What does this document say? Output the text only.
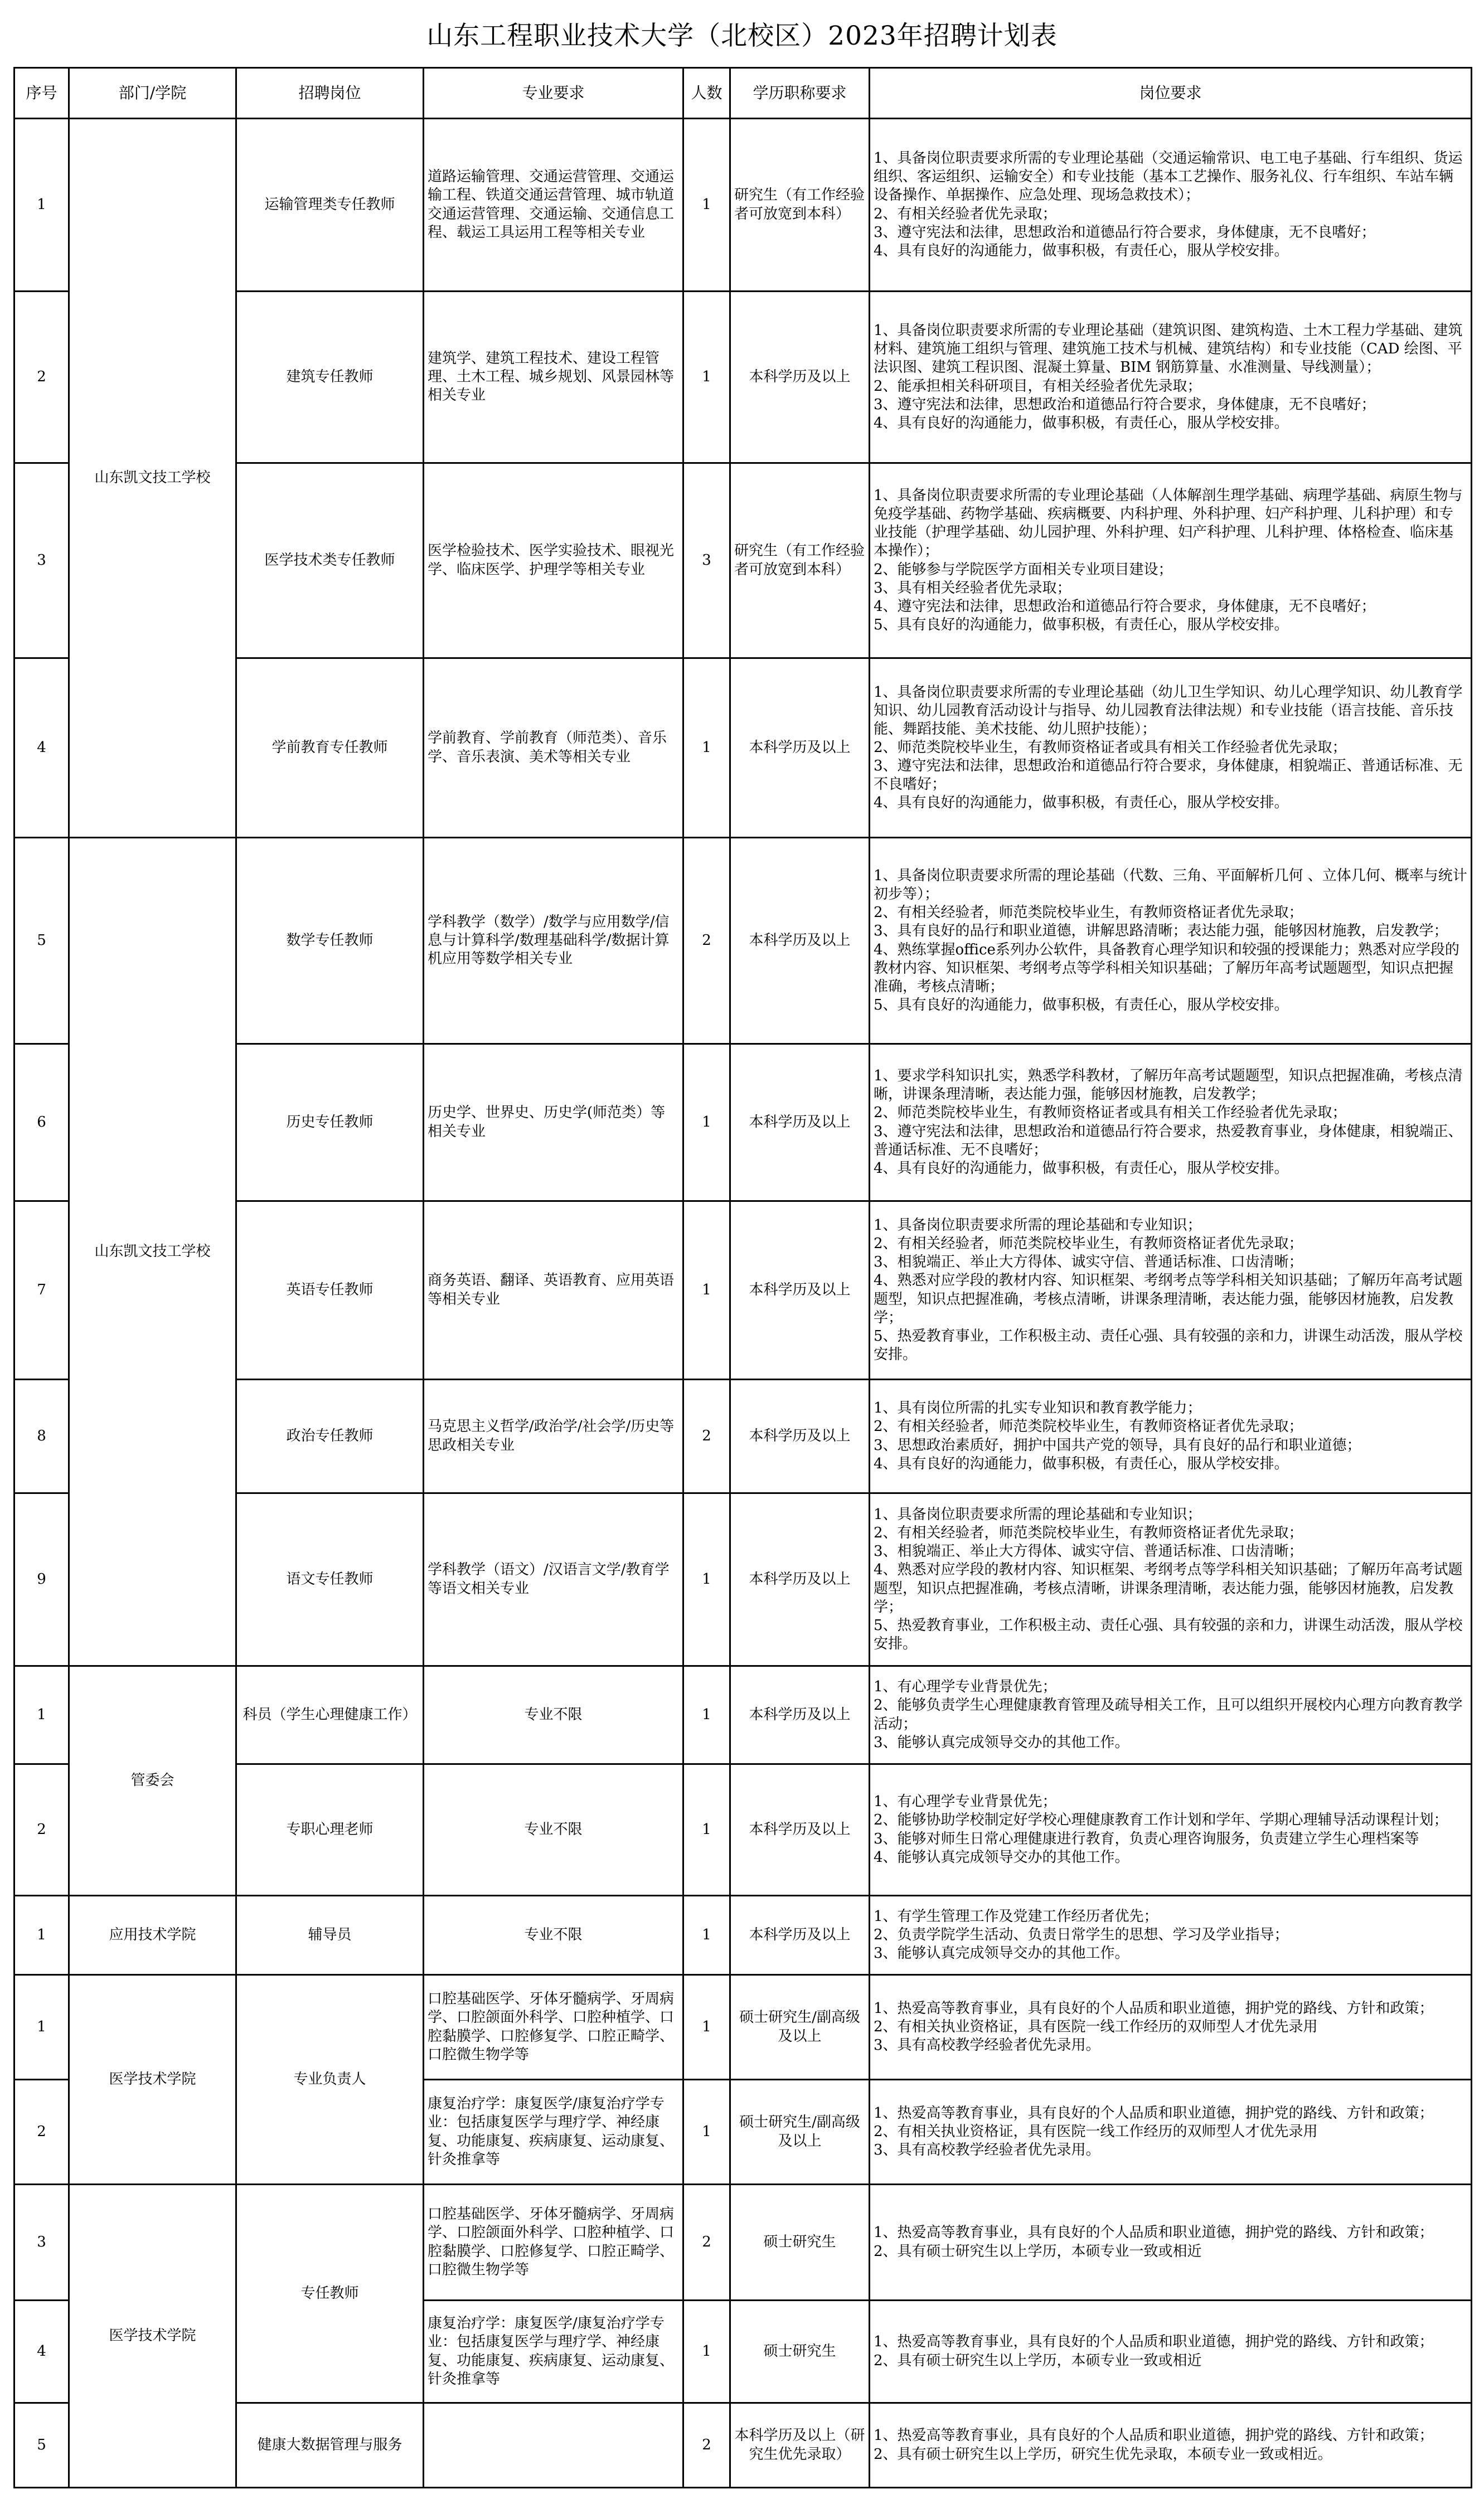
山东工程职业技术大学（北校区）2023年招聘计划表
序号	部门/学院	招聘岗位	专业要求	人数	学历职称要求	岗位要求
1	山东凯文技工学校	运输管理类专任教师	道路运输管理、交通运营管理、交通运输工程、铁道交通运营管理、城市轨道交通运营管理、交通运输、交通信息工程、载运工具运用工程等相关专业	1	研究生（有工作经验者可放宽到本科）	1、具备岗位职责要求所需的专业理论基础（交通运输常识、电工电子基础、行车组织、货运组织、客运组织、运输安全）和专业技能（基本工艺操作、服务礼仪、行车组织、车站车辆设备操作、单据操作、应急处理、现场急救技术）；
2、有相关经验者优先录取；
3、遵守宪法和法律，思想政治和道德品行符合要求，身体健康，无不良嗜好；
4、具有良好的沟通能力，做事积极，有责任心，服从学校安排。

2		建筑专任教师	建筑学、建筑工程技术、建设工程管理、土木工程、城乡规划、风景园林等相关专业	1	本科学历及以上	1、具备岗位职责要求所需的专业理论基础（建筑识图、建筑构造、土木工程力学基础、建筑材料、建筑施工组织与管理、建筑施工技术与机械、建筑结构）和专业技能（CAD 绘图、平法识图、建筑工程识图、混凝土算量、BIM 钢筋算量、水准测量、导线测量）；
2、能承担相关科研项目，有相关经验者优先录取；
3、遵守宪法和法律，思想政治和道德品行符合要求，身体健康，无不良嗜好；
4、具有良好的沟通能力，做事积极，有责任心，服从学校安排。

3		医学技术类专任教师	医学检验技术、医学实验技术、眼视光学、临床医学、护理学等相关专业	3	研究生（有工作经验者可放宽到本科）	1、具备岗位职责要求所需的专业理论基础（人体解剖生理学基础、病理学基础、病原生物与免疫学基础、药物学基础、疾病概要、内科护理、外科护理、妇产科护理、儿科护理）和专业技能（护理学基础、幼儿园护理、外科护理、妇产科护理、儿科护理、体格检查、临床基本操作）；
2、能够参与学院医学方面相关专业项目建设；
3、具有相关经验者优先录取；
4、遵守宪法和法律，思想政治和道德品行符合要求，身体健康，无不良嗜好；
5、具有良好的沟通能力，做事积极，有责任心，服从学校安排。

4		学前教育专任教师	学前教育、学前教育（师范类）、音乐学、音乐表演、美术等相关专业	1	本科学历及以上	1、具备岗位职责要求所需的专业理论基础（幼儿卫生学知识、幼儿心理学知识、幼儿教育学知识、幼儿园教育活动设计与指导、幼儿园教育法律法规）和专业技能（语言技能、音乐技能、舞蹈技能、美术技能、幼儿照护技能）；
2、师范类院校毕业生，有教师资格证者或具有相关工作经验者优先录取；
3、遵守宪法和法律，思想政治和道德品行符合要求，身体健康，相貌端正、普通话标准、无不良嗜好；
4、具有良好的沟通能力，做事积极，有责任心，服从学校安排。

5	山东凯文技工学校	数学专任教师	学科教学（数学）/数学与应用数学/信息与计算科学/数理基础科学/数据计算机应用等数学相关专业	2	本科学历及以上	1、具备岗位职责要求所需的理论基础（代数、三角、平面解析几何 、立体几何、概率与统计初步等）；
2、有相关经验者，师范类院校毕业生，有教师资格证者优先录取；
3、具有良好的品行和职业道德，讲解思路清晰；表达能力强，能够因材施教，启发教学；
4、熟练掌握office系列办公软件，具备教育心理学知识和较强的授课能力；熟悉对应学段的教材内容、知识框架、考纲考点等学科相关知识基础；了解历年高考试题题型，知识点把握准确，考核点清晰；
5、具有良好的沟通能力，做事积极，有责任心，服从学校安排。

6		历史专任教师	历史学、世界史、历史学(师范类）等相关专业	1	本科学历及以上	1、要求学科知识扎实，熟悉学科教材，了解历年高考试题题型，知识点把握准确，考核点清晰，讲课条理清晰，表达能力强，能够因材施教，启发教学；
2、师范类院校毕业生，有教师资格证者或具有相关工作经验者优先录取；
3、遵守宪法和法律，思想政治和道德品行符合要求，热爱教育事业，身体健康，相貌端正、普通话标准、无不良嗜好；
4、具有良好的沟通能力，做事积极，有责任心，服从学校安排。

7		英语专任教师	商务英语、翻译、英语教育、应用英语等相关专业	1	本科学历及以上	1、具备岗位职责要求所需的理论基础和专业知识；
2、有相关经验者，师范类院校毕业生，有教师资格证者优先录取；
3、相貌端正、举止大方得体、诚实守信、普通话标准、口齿清晰；
4、熟悉对应学段的教材内容、知识框架、考纲考点等学科相关知识基础；了解历年高考试题题型，知识点把握准确，考核点清晰，讲课条理清晰，表达能力强，能够因材施教，启发教学；
5、热爱教育事业，工作积极主动、责任心强、具有较强的亲和力，讲课生动活泼，服从学校安排。

8		政治专任教师	马克思主义哲学/政治学/社会学/历史等思政相关专业	2	本科学历及以上	1、具有岗位所需的扎实专业知识和教育教学能力；
2、有相关经验者，师范类院校毕业生，有教师资格证者优先录取；
3、思想政治素质好，拥护中国共产党的领导，具有良好的品行和职业道德；
4、具有良好的沟通能力，做事积极，有责任心，服从学校安排。

9		语文专任教师	学科教学（语文）/汉语言文学/教育学等语文相关专业	1	本科学历及以上	1、具备岗位职责要求所需的理论基础和专业知识；
2、有相关经验者，师范类院校毕业生，有教师资格证者优先录取；
3、相貌端正、举止大方得体、诚实守信、普通话标准、口齿清晰；
4、熟悉对应学段的教材内容、知识框架、考纲考点等学科相关知识基础；了解历年高考试题题型，知识点把握准确，考核点清晰，讲课条理清晰，表达能力强，能够因材施教，启发教学；
5、热爱教育事业，工作积极主动、责任心强、具有较强的亲和力，讲课生动活泼，服从学校安排。

1	管委会	科员（学生心理健康工作）	专业不限	1	本科学历及以上	1、有心理学专业背景优先；
2、能够负责学生心理健康教育管理及疏导相关工作，且可以组织开展校内心理方向教育教学活动；
3、能够认真完成领导交办的其他工作。

2		专职心理老师	专业不限	1	本科学历及以上	1、有心理学专业背景优先；
2、能够协助学校制定好学校心理健康教育工作计划和学年、学期心理辅导活动课程计划；
3、能够对师生日常心理健康进行教育，负责心理咨询服务，负责建立学生心理档案等
4、能够认真完成领导交办的其他工作。

1	应用技术学院	辅导员	专业不限	1	本科学历及以上	1、有学生管理工作及党建工作经历者优先；
2、负责学院学生活动、负责日常学生的思想、学习及学业指导；
3、能够认真完成领导交办的其他工作。

1	医学技术学院	专业负责人	口腔基础医学、牙体牙髓病学、牙周病学、口腔颌面外科学、口腔种植学、口腔黏膜学、口腔修复学、口腔正畸学、口腔微生物学等	1	硕士研究生/副高级及以上	1、热爱高等教育事业，具有良好的个人品质和职业道德，拥护党的路线、方针和政策；
2、有相关执业资格证，具有医院一线工作经历的双师型人才优先录用
3、具有高校教学经验者优先录用。

2			康复治疗学：康复医学/康复治疗学专业：包括康复医学与理疗学、神经康复、功能康复、疾病康复、运动康复、针灸推拿等	1	硕士研究生/副高级及以上	1、热爱高等教育事业，具有良好的个人品质和职业道德，拥护党的路线、方针和政策；
2、有相关执业资格证，具有医院一线工作经历的双师型人才优先录用
3、具有高校教学经验者优先录用。

3	医学技术学院	专任教师	口腔基础医学、牙体牙髓病学、牙周病学、口腔颌面外科学、口腔种植学、口腔黏膜学、口腔修复学、口腔正畸学、口腔微生物学等	2	硕士研究生	1、热爱高等教育事业，具有良好的个人品质和职业道德，拥护党的路线、方针和政策；
2、具有硕士研究生以上学历，本硕专业一致或相近

4			康复治疗学：康复医学/康复治疗学专业：包括康复医学与理疗学、神经康复、功能康复、疾病康复、运动康复、针灸推拿等	1	硕士研究生	1、热爱高等教育事业，具有良好的个人品质和职业道德，拥护党的路线、方针和政策；
2、具有硕士研究生以上学历，本硕专业一致或相近

5		健康大数据管理与服务		2	本科学历及以上（研究生优先录取）	1、热爱高等教育事业，具有良好的个人品质和职业道德，拥护党的路线、方针和政策；
2、具有硕士研究生以上学历，研究生优先录取，本硕专业一致或相近。
